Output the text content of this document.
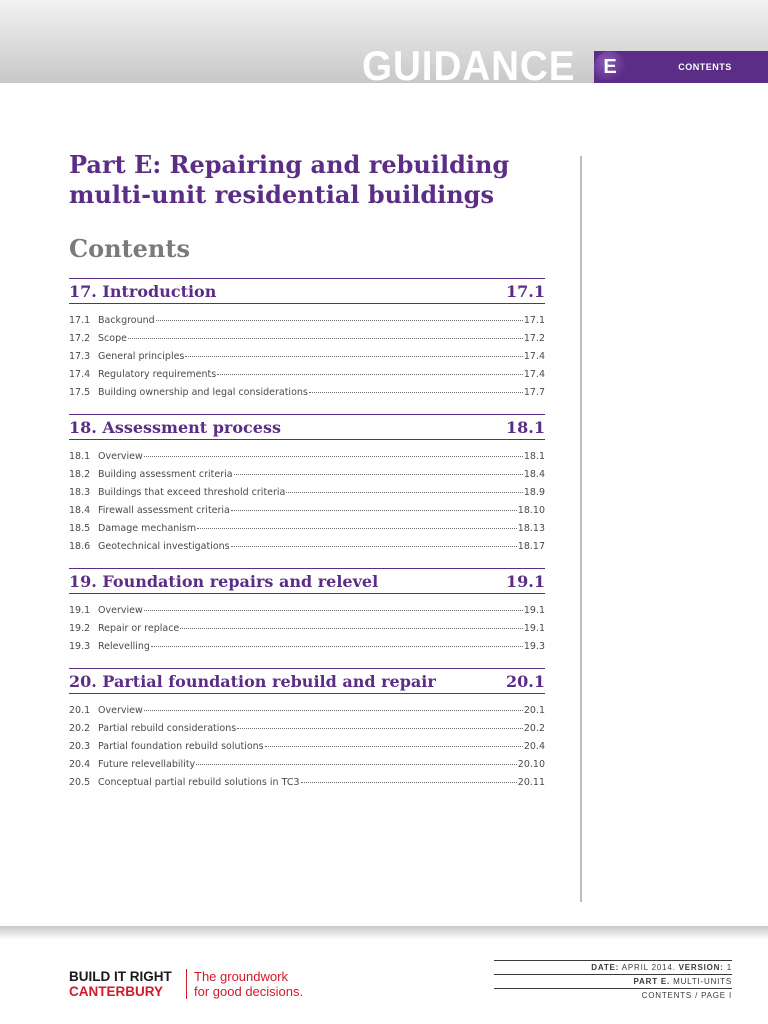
GUIDANCE	E	CONTENTS
Part E: Repairing and rebuilding multi-unit residential buildings
Contents
17. Introduction	17.1
17.1 Background	17.1
17.2 Scope	17.2
17.3 General principles	17.4
17.4 Regulatory requirements	17.4
17.5 Building ownership and legal considerations	17.7
18. Assessment process	18.1
18.1 Overview	18.1
18.2 Building assessment criteria	18.4
18.3 Buildings that exceed threshold criteria	18.9
18.4 Firewall assessment criteria	18.10
18.5 Damage mechanism	18.13
18.6 Geotechnical investigations	18.17
19. Foundation repairs and relevel	19.1
19.1 Overview	19.1
19.2 Repair or replace	19.1
19.3 Relevelling	19.3
20. Partial foundation rebuild and repair	20.1
20.1 Overview	20.1
20.2 Partial rebuild considerations	20.2
20.3 Partial foundation rebuild solutions	20.4
20.4 Future relevellability	20.10
20.5 Conceptual partial rebuild solutions in TC3	20.11
BUILD IT RIGHT
CANTERBURY
The groundwork
for good decisions.
DATE: APRIL 2014. VERSION: 1
PART E. MULTI-UNITS
CONTENTS / PAGE I
